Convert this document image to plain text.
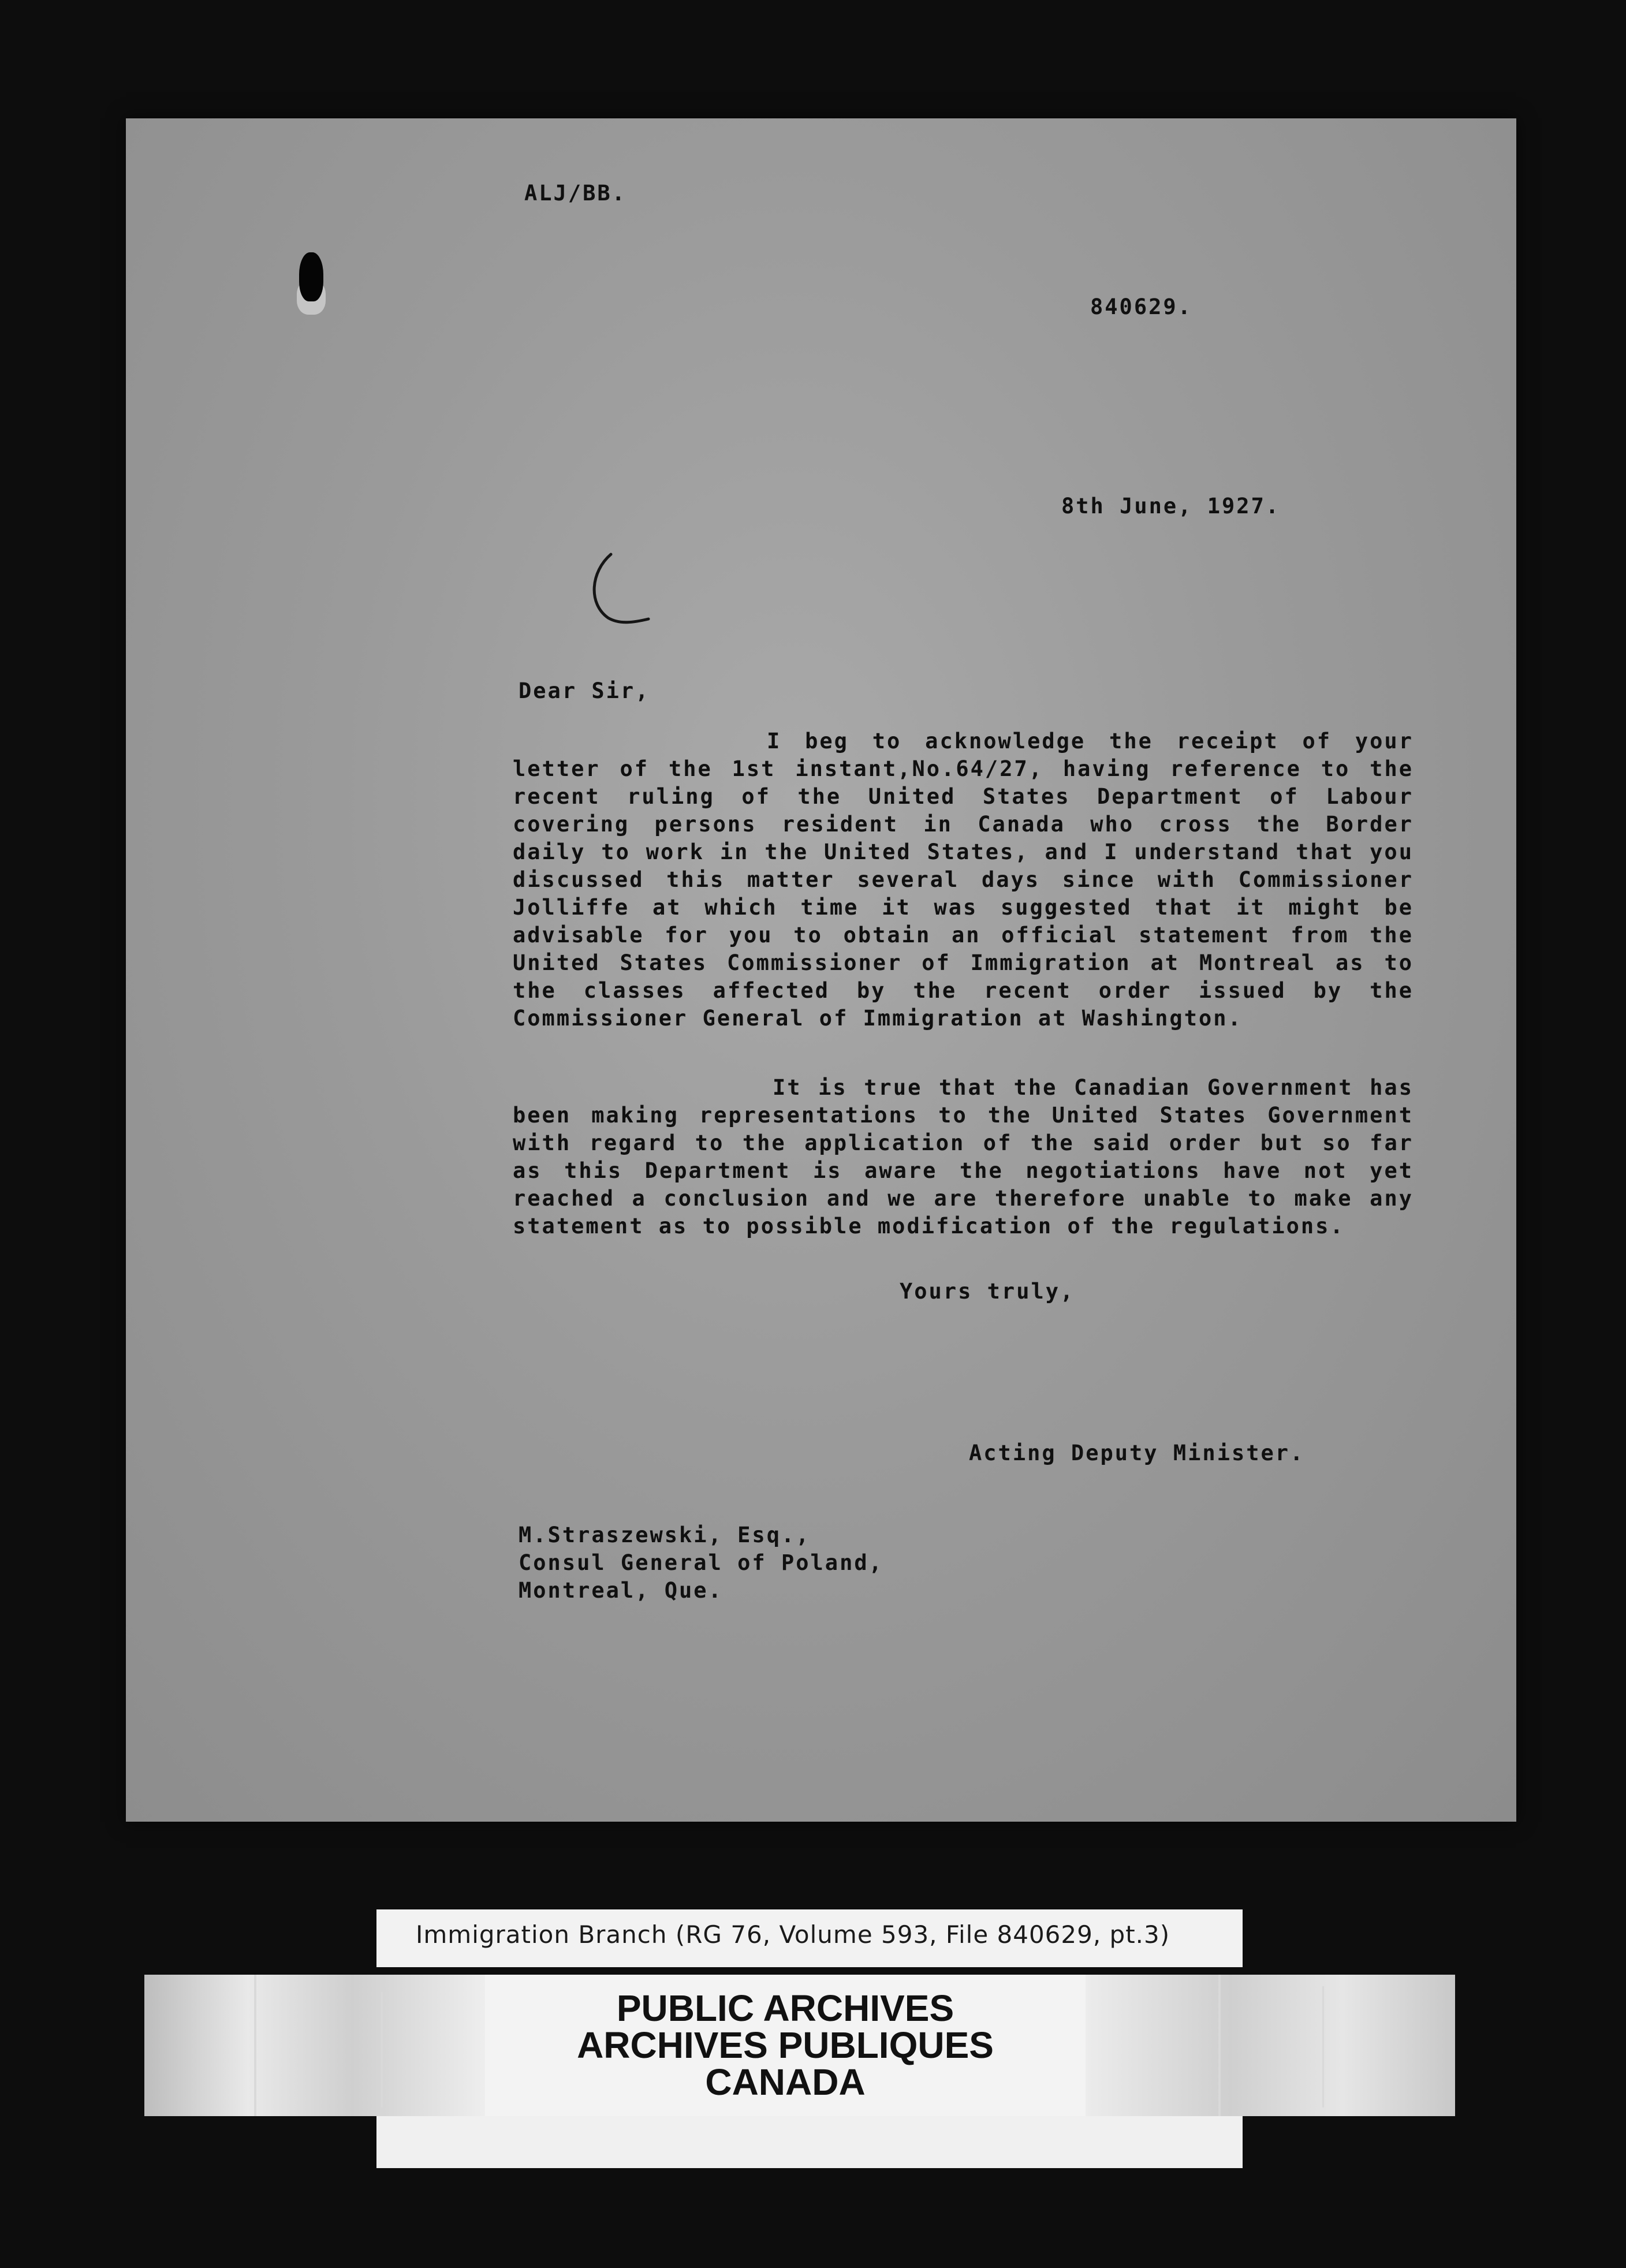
ALJ/BB.

840629.

8th June, 1927.

Dear Sir,

I beg to acknowledge the receipt of your letter of the 1st instant,No.64/27, having reference to the recent ruling of the United States Department of Labour covering persons resident in Canada who cross the Border daily to work in the United States, and I understand that you discussed this matter several days since with Commissioner Jolliffe at which time it was suggested that it might be advisable for you to obtain an official statement from the United States Commissioner of Immigration at Montreal as to the classes affected by the recent order issued by the Commissioner General of Immigration at Washington.

It is true that the Canadian Government has been making representations to the United States Government with regard to the application of the said order but so far as this Department is aware the negotiations have not yet reached a conclusion and we are therefore unable to make any statement as to possible modification of the regulations.

Yours truly,

Acting Deputy Minister.

M.Straszewski, Esq.,
Consul General of Poland,
Montreal, Que.
Immigration Branch (RG 76, Volume 593, File 840629, pt.3)
PUBLIC ARCHIVES
ARCHIVES PUBLIQUES
CANADA
